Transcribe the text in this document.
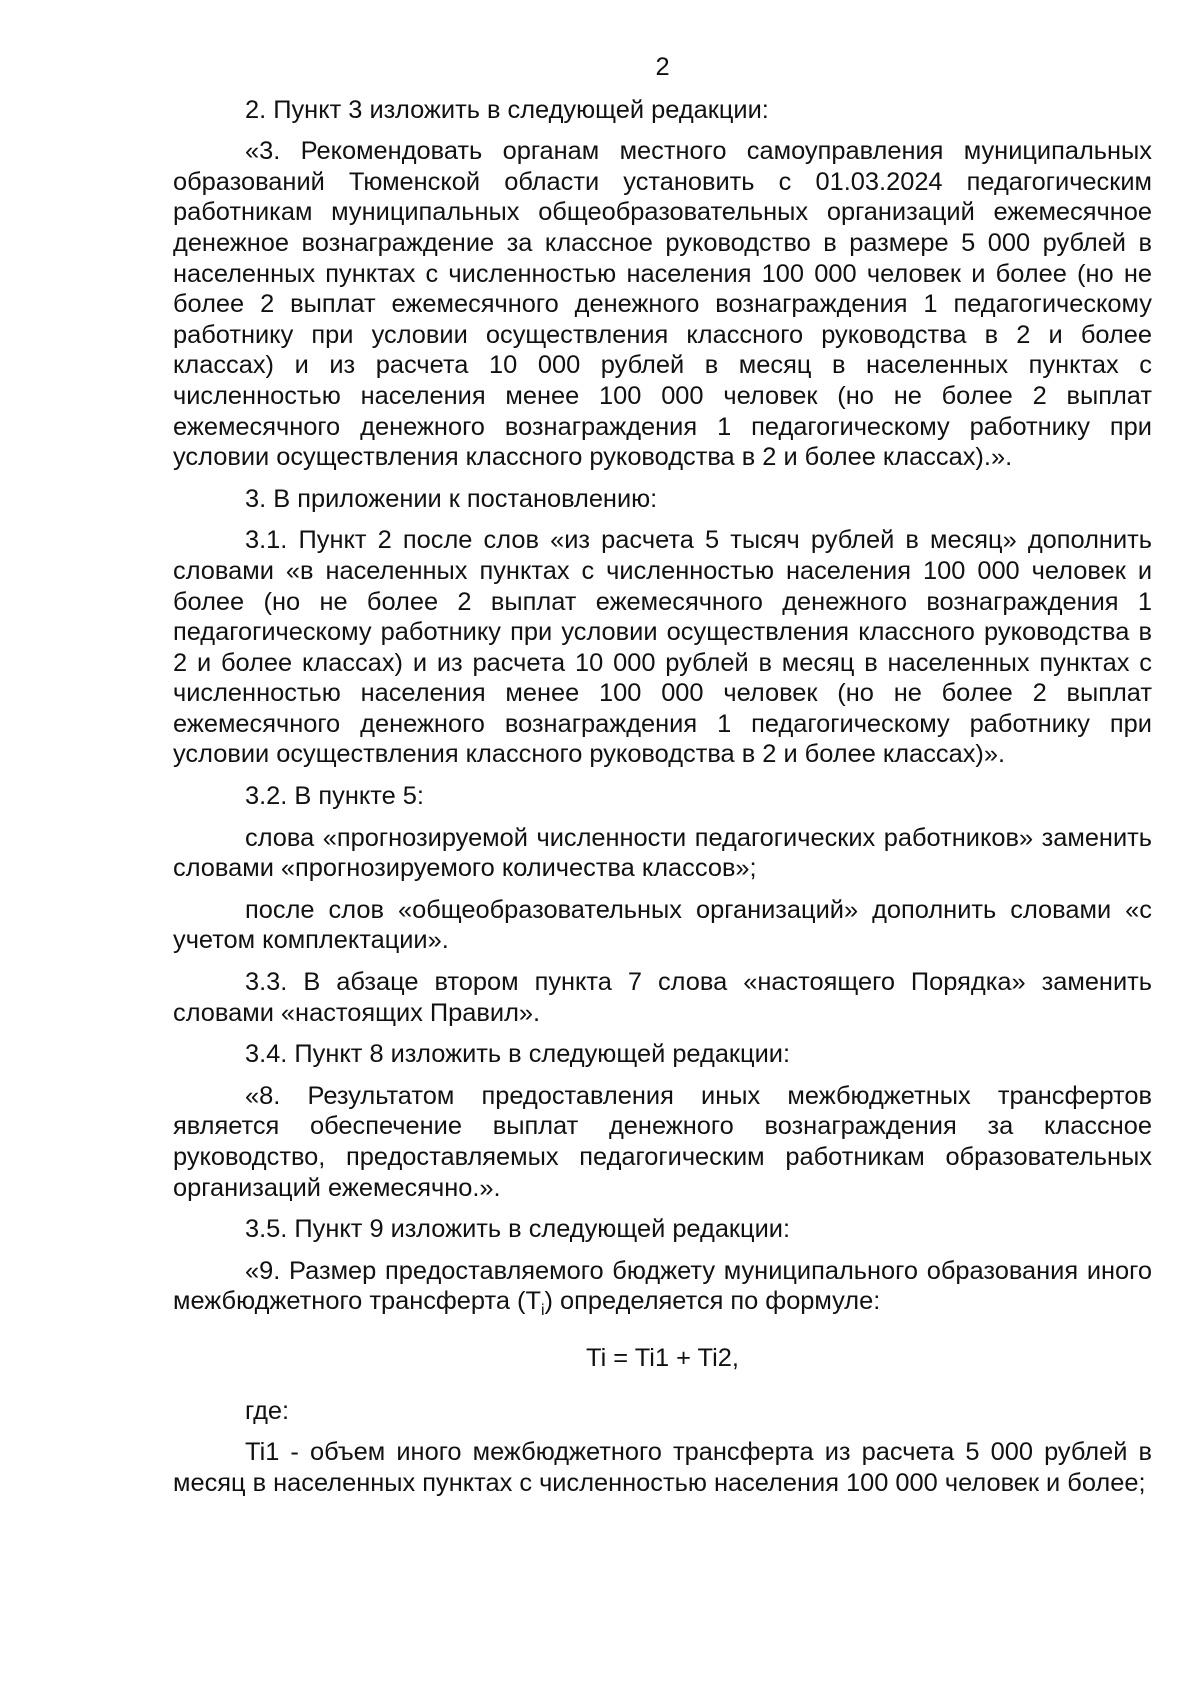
2

2. Пункт 3 изложить в следующей редакции:

«3. Рекомендовать органам местного самоуправления муниципальных образований Тюменской области установить с 01.03.2024 педагогическим работникам муниципальных общеобразовательных организаций ежемесячное денежное вознаграждение за классное руководство в размере 5 000 рублей в населенных пунктах с численностью населения 100 000 человек и более (но не более 2 выплат ежемесячного денежного вознаграждения 1 педагогическому работнику при условии осуществления классного руководства в 2 и более классах) и из расчета 10 000 рублей в месяц в населенных пунктах с численностью населения менее 100 000 человек (но не более 2 выплат ежемесячного денежного вознаграждения 1 педагогическому работнику при условии осуществления классного руководства в 2 и более классах).».

3. В приложении к постановлению:

3.1. Пункт 2 после слов «из расчета 5 тысяч рублей в месяц» дополнить словами «в населенных пунктах с численностью населения 100 000 человек и более (но не более 2 выплат ежемесячного денежного вознаграждения 1 педагогическому работнику при условии осуществления классного руководства в 2 и более классах) и из расчета 10 000 рублей в месяц в населенных пунктах с численностью населения менее 100 000 человек (но не более 2 выплат ежемесячного денежного вознаграждения 1 педагогическому работнику при условии осуществления классного руководства в 2 и более классах)».

3.2. В пункте 5:

слова «прогнозируемой численности педагогических работников» заменить словами «прогнозируемого количества классов»;

после слов «общеобразовательных организаций» дополнить словами «с учетом комплектации».

3.3. В абзаце втором пункта 7 слова «настоящего Порядка» заменить словами «настоящих Правил».

3.4. Пункт 8 изложить в следующей редакции:

«8. Результатом предоставления иных межбюджетных трансфертов является обеспечение выплат денежного вознаграждения за классное руководство, предоставляемых педагогическим работникам образовательных организаций ежемесячно.».

3.5. Пункт 9 изложить в следующей редакции:

«9. Размер предоставляемого бюджету муниципального образования иного межбюджетного трансферта $(T_i)$ определяется по формуле:

Ti = Ti1 + Ti2,

где:

Ti1 - объем иного межбюджетного трансферта из расчета 5 000 рублей в месяц в населенных пунктах с численностью населения 100 000 человек и более;
